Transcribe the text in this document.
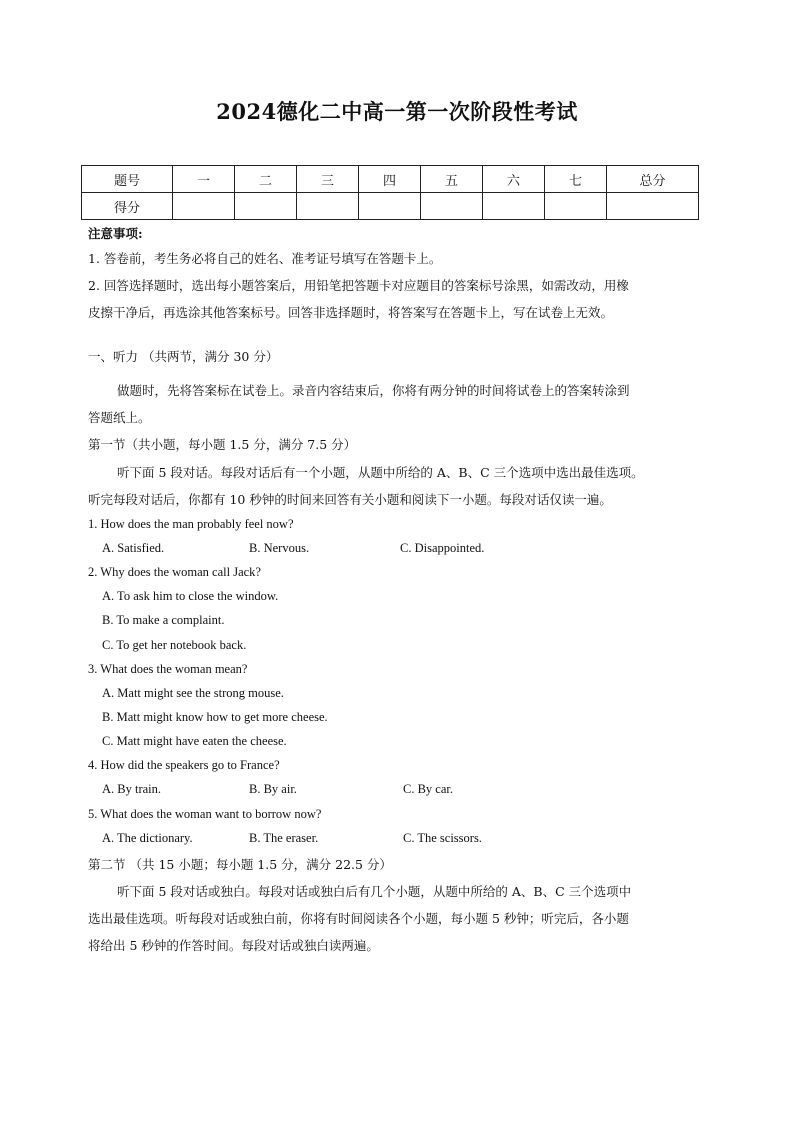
2024德化二中高一第一次阶段性考试
题号	一	二	三	四	五	六	七	总分
得分								
注意事项:
1. 答卷前，考生务必将自己的姓名、准考证号填写在答题卡上。
2. 回答选择题时，选出每小题答案后，用铅笔把答题卡对应题目的答案标号涂黑，如需改动，用橡
皮擦干净后，再选涂其他答案标号。回答非选择题时，将答案写在答题卡上，写在试卷上无效。
一、听力 （共两节，满分 30 分）
做题时，先将答案标在试卷上。录音内容结束后，你将有两分钟的时间将试卷上的答案转涂到
答题纸上。
第一节（共小题，每小题 1.5 分，满分 7.5 分）
听下面 5 段对话。每段对话后有一个小题，从题中所给的 A、B、C 三个选项中选出最佳选项。
听完每段对话后，你都有 10 秒钟的时间来回答有关小题和阅读下一小题。每段对话仅读一遍。
1. How does the man probably feel now?
A. Satisfied.	B. Nervous.	C. Disappointed.
2. Why does the woman call Jack?
A. To ask him to close the window.
B. To make a complaint.
C. To get her notebook back.
3. What does the woman mean?
A. Matt might see the strong mouse.
B. Matt might know how to get more cheese.
C. Matt might have eaten the cheese.
4. How did the speakers go to France?
A. By train.	B. By air.	C. By car.
5. What does the woman want to borrow now?
A. The dictionary.	B. The eraser.	C. The scissors.
第二节 （共 15 小题；每小题 1.5 分，满分 22.5 分）
听下面 5 段对话或独白。每段对话或独白后有几个小题，从题中所给的 A、B、C 三个选项中
选出最佳选项。听每段对话或独白前，你将有时间阅读各个小题，每小题 5 秒钟；听完后，各小题
将给出 5 秒钟的作答时间。每段对话或独白读两遍。
